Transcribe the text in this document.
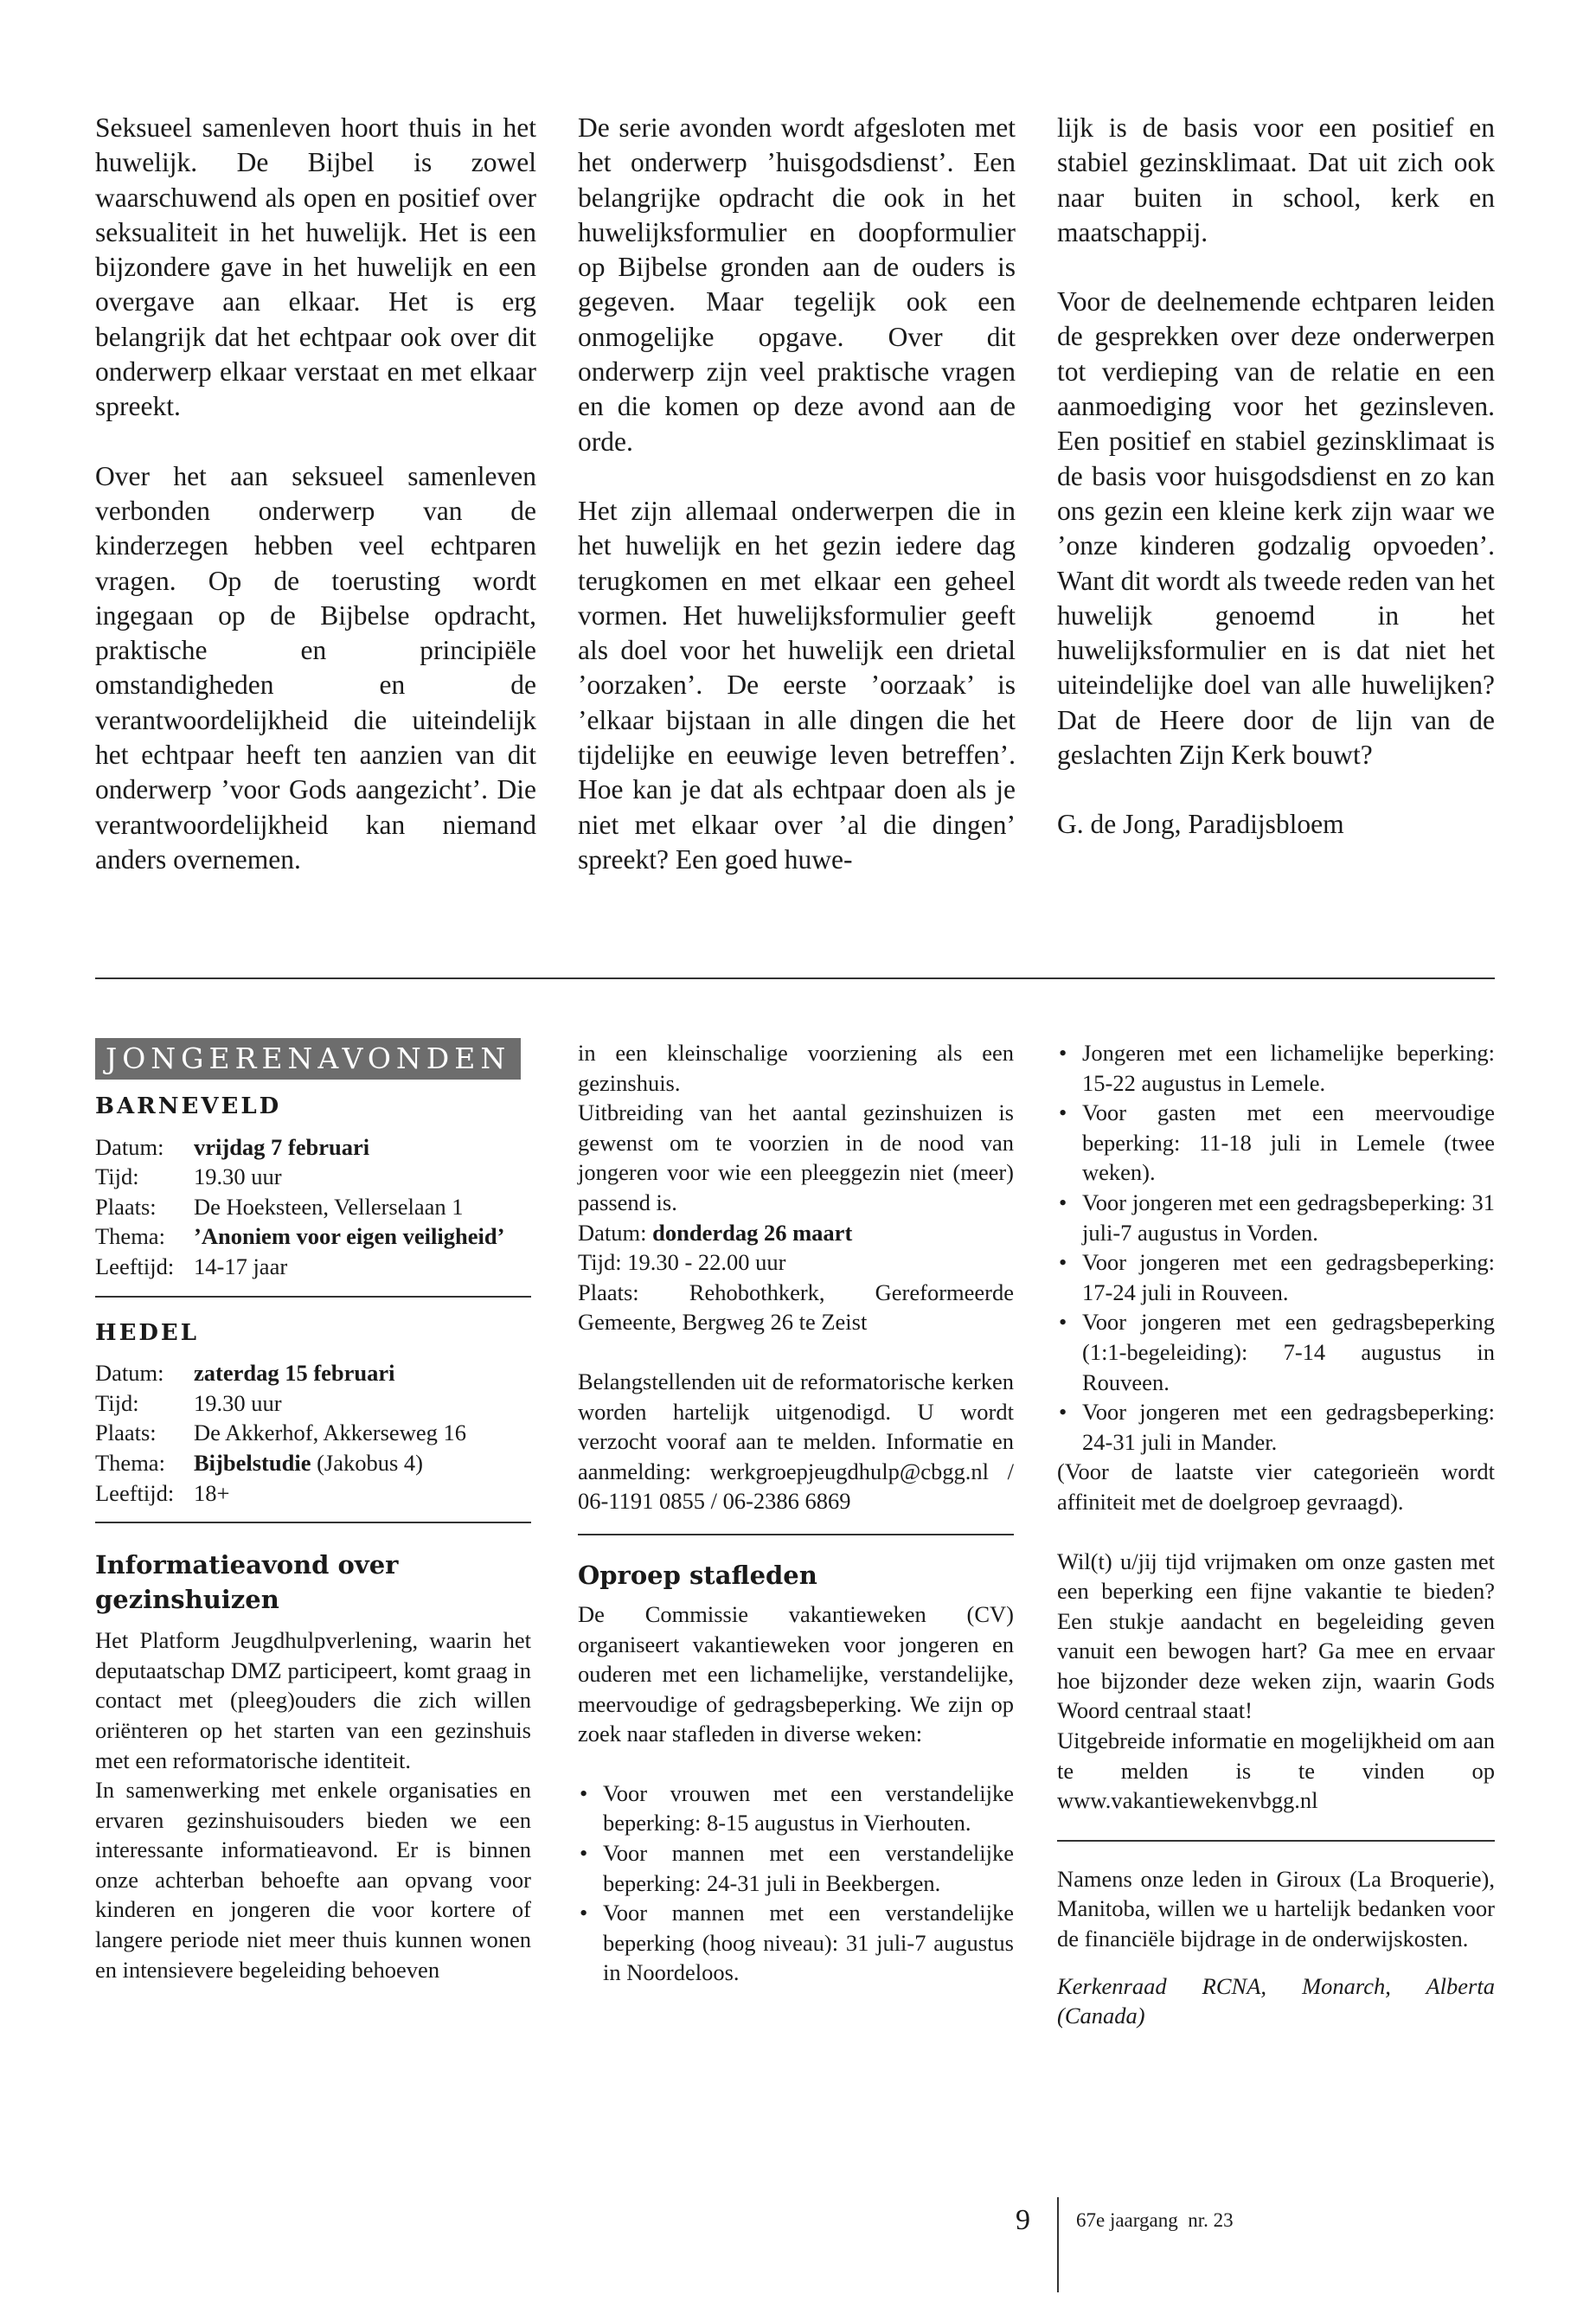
Seksueel samenleven hoort thuis in het huwelijk. De Bijbel is zowel waarschuwend als open en positief over seksualiteit in het huwelijk. Het is een bijzondere gave in het huwelijk en een overgave aan elkaar. Het is erg belangrijk dat het echtpaar ook over dit onderwerp elkaar verstaat en met elkaar spreekt.

Over het aan seksueel samenleven verbonden onderwerp van de kinderzegen hebben veel echtparen vragen. Op de toerusting wordt ingegaan op de Bijbelse opdracht, praktische en principiële omstandigheden en de verantwoordelijkheid die uiteindelijk het echtpaar heeft ten aanzien van dit onderwerp ’voor Gods aangezicht’. Die verantwoordelijkheid kan niemand anders overnemen.

De serie avonden wordt afgesloten met het onderwerp ’huisgodsdienst’. Een belangrijke opdracht die ook in het huwelijksformulier en doopformulier op Bijbelse gronden aan de ouders is gegeven. Maar tegelijk ook een onmogelijke opgave. Over dit onderwerp zijn veel praktische vragen en die komen op deze avond aan de orde.

Het zijn allemaal onderwerpen die in het huwelijk en het gezin iedere dag terugkomen en met elkaar een geheel vormen. Het huwelijksformulier geeft als doel voor het huwelijk een drietal ’oorzaken’. De eerste ’oorzaak’ is ’elkaar bijstaan in alle dingen die het tijdelijke en eeuwige leven betreffen’. Hoe kan je dat als echtpaar doen als je niet met elkaar over ’al die dingen’ spreekt? Een goed huwe-

lijk is de basis voor een positief en stabiel gezinsklimaat. Dat uit zich ook naar buiten in school, kerk en maatschappij.

Voor de deelnemende echtparen leiden de gesprekken over deze onderwerpen tot verdieping van de relatie en een aanmoediging voor het gezinsleven. Een positief en stabiel gezinsklimaat is de basis voor huisgodsdienst en zo kan ons gezin een kleine kerk zijn waar we ’onze kinderen godzalig opvoeden’. Want dit wordt als tweede reden van het huwelijk genoemd in het huwelijksformulier en is dat niet het uiteindelijke doel van alle huwelijken? Dat de Heere door de lijn van de geslachten Zijn Kerk bouwt?

G. de Jong, Paradijsbloem

JONGERENAVONDEN
BARNEVELD
Datum:	vrijdag 7 februari
Tijd:	19.30 uur
Plaats:	De Hoeksteen, Vellerselaan 1
Thema:	’Anoniem voor eigen veiligheid’
Leeftijd: 14-17 jaar
HEDEL
Datum:	zaterdag 15 februari
Tijd:	19.30 uur
Plaats:	De Akkerhof, Akkerseweg 16
Thema:	Bijbelstudie (Jakobus 4)
Leeftijd: 18+
Informatieavond over gezinshuizen

Het Platform Jeugdhulpverlening, waarin het deputaatschap DMZ participeert, komt graag in contact met (pleeg)ouders die zich willen oriënteren op het starten van een gezinshuis met een reformatorische identiteit.

In samenwerking met enkele organisaties en ervaren gezinshuisouders bieden we een interessante informatieavond. Er is binnen onze achterban behoefte aan opvang voor kinderen en jongeren die voor kortere of langere periode niet meer thuis kunnen wonen en intensievere begeleiding behoeven

in een kleinschalige voorziening als een gezinshuis.

Uitbreiding van het aantal gezinshuizen is gewenst om te voorzien in de nood van jongeren voor wie een pleeggezin niet (meer) passend is.

Datum: donderdag 26 maart

Tijd: 19.30 - 22.00 uur

Plaats: Rehobothkerk, Gereformeerde Gemeente, Bergweg 26 te Zeist

Belangstellenden uit de reformatorische kerken worden hartelijk uitgenodigd. U wordt verzocht vooraf aan te melden. Informatie en aanmelding: werkgroepjeugdhulp@cbgg.nl / 06-1191 0855 / 06-2386 6869

Oproep stafleden

De Commissie vakantieweken (CV) organiseert vakantieweken voor jongeren en ouderen met een lichamelijke, verstandelijke, meervoudige of gedragsbeperking. We zijn op zoek naar stafleden in diverse weken:

• Voor vrouwen met een verstandelijke beperking: 8-15 augustus in Vierhouten.
• Voor mannen met een verstandelijke beperking: 24-31 juli in Beekbergen.
• Voor mannen met een verstandelijke beperking (hoog niveau): 31 juli-7 augustus in Noordeloos.
• Jongeren met een lichamelijke beperking: 15-22 augustus in Lemele.
• Voor gasten met een meervoudige beperking: 11-18 juli in Lemele (twee weken).
• Voor jongeren met een gedragsbeperking: 31 juli-7 augustus in Vorden.
• Voor jongeren met een gedragsbeperking: 17-24 juli in Rouveen.
• Voor jongeren met een gedragsbeperking (1:1-begeleiding): 7-14 augustus in Rouveen.
• Voor jongeren met een gedragsbeperking: 24-31 juli in Mander.

(Voor de laatste vier categorieën wordt affiniteit met de doelgroep gevraagd).

Wil(t) u/jij tijd vrijmaken om onze gasten met een beperking een fijne vakantie te bieden? Een stukje aandacht en begeleiding geven vanuit een bewogen hart? Ga mee en ervaar hoe bijzonder deze weken zijn, waarin Gods Woord centraal staat!

Uitgebreide informatie en mogelijkheid om aan te melden is te vinden op www.vakantiewekenvbgg.nl

Namens onze leden in Giroux (La Broquerie), Manitoba, willen we u hartelijk bedanken voor de financiële bijdrage in de onderwijskosten.

Kerkenraad RCNA, Monarch, Alberta (Canada)

9 67e jaargang  nr. 23
